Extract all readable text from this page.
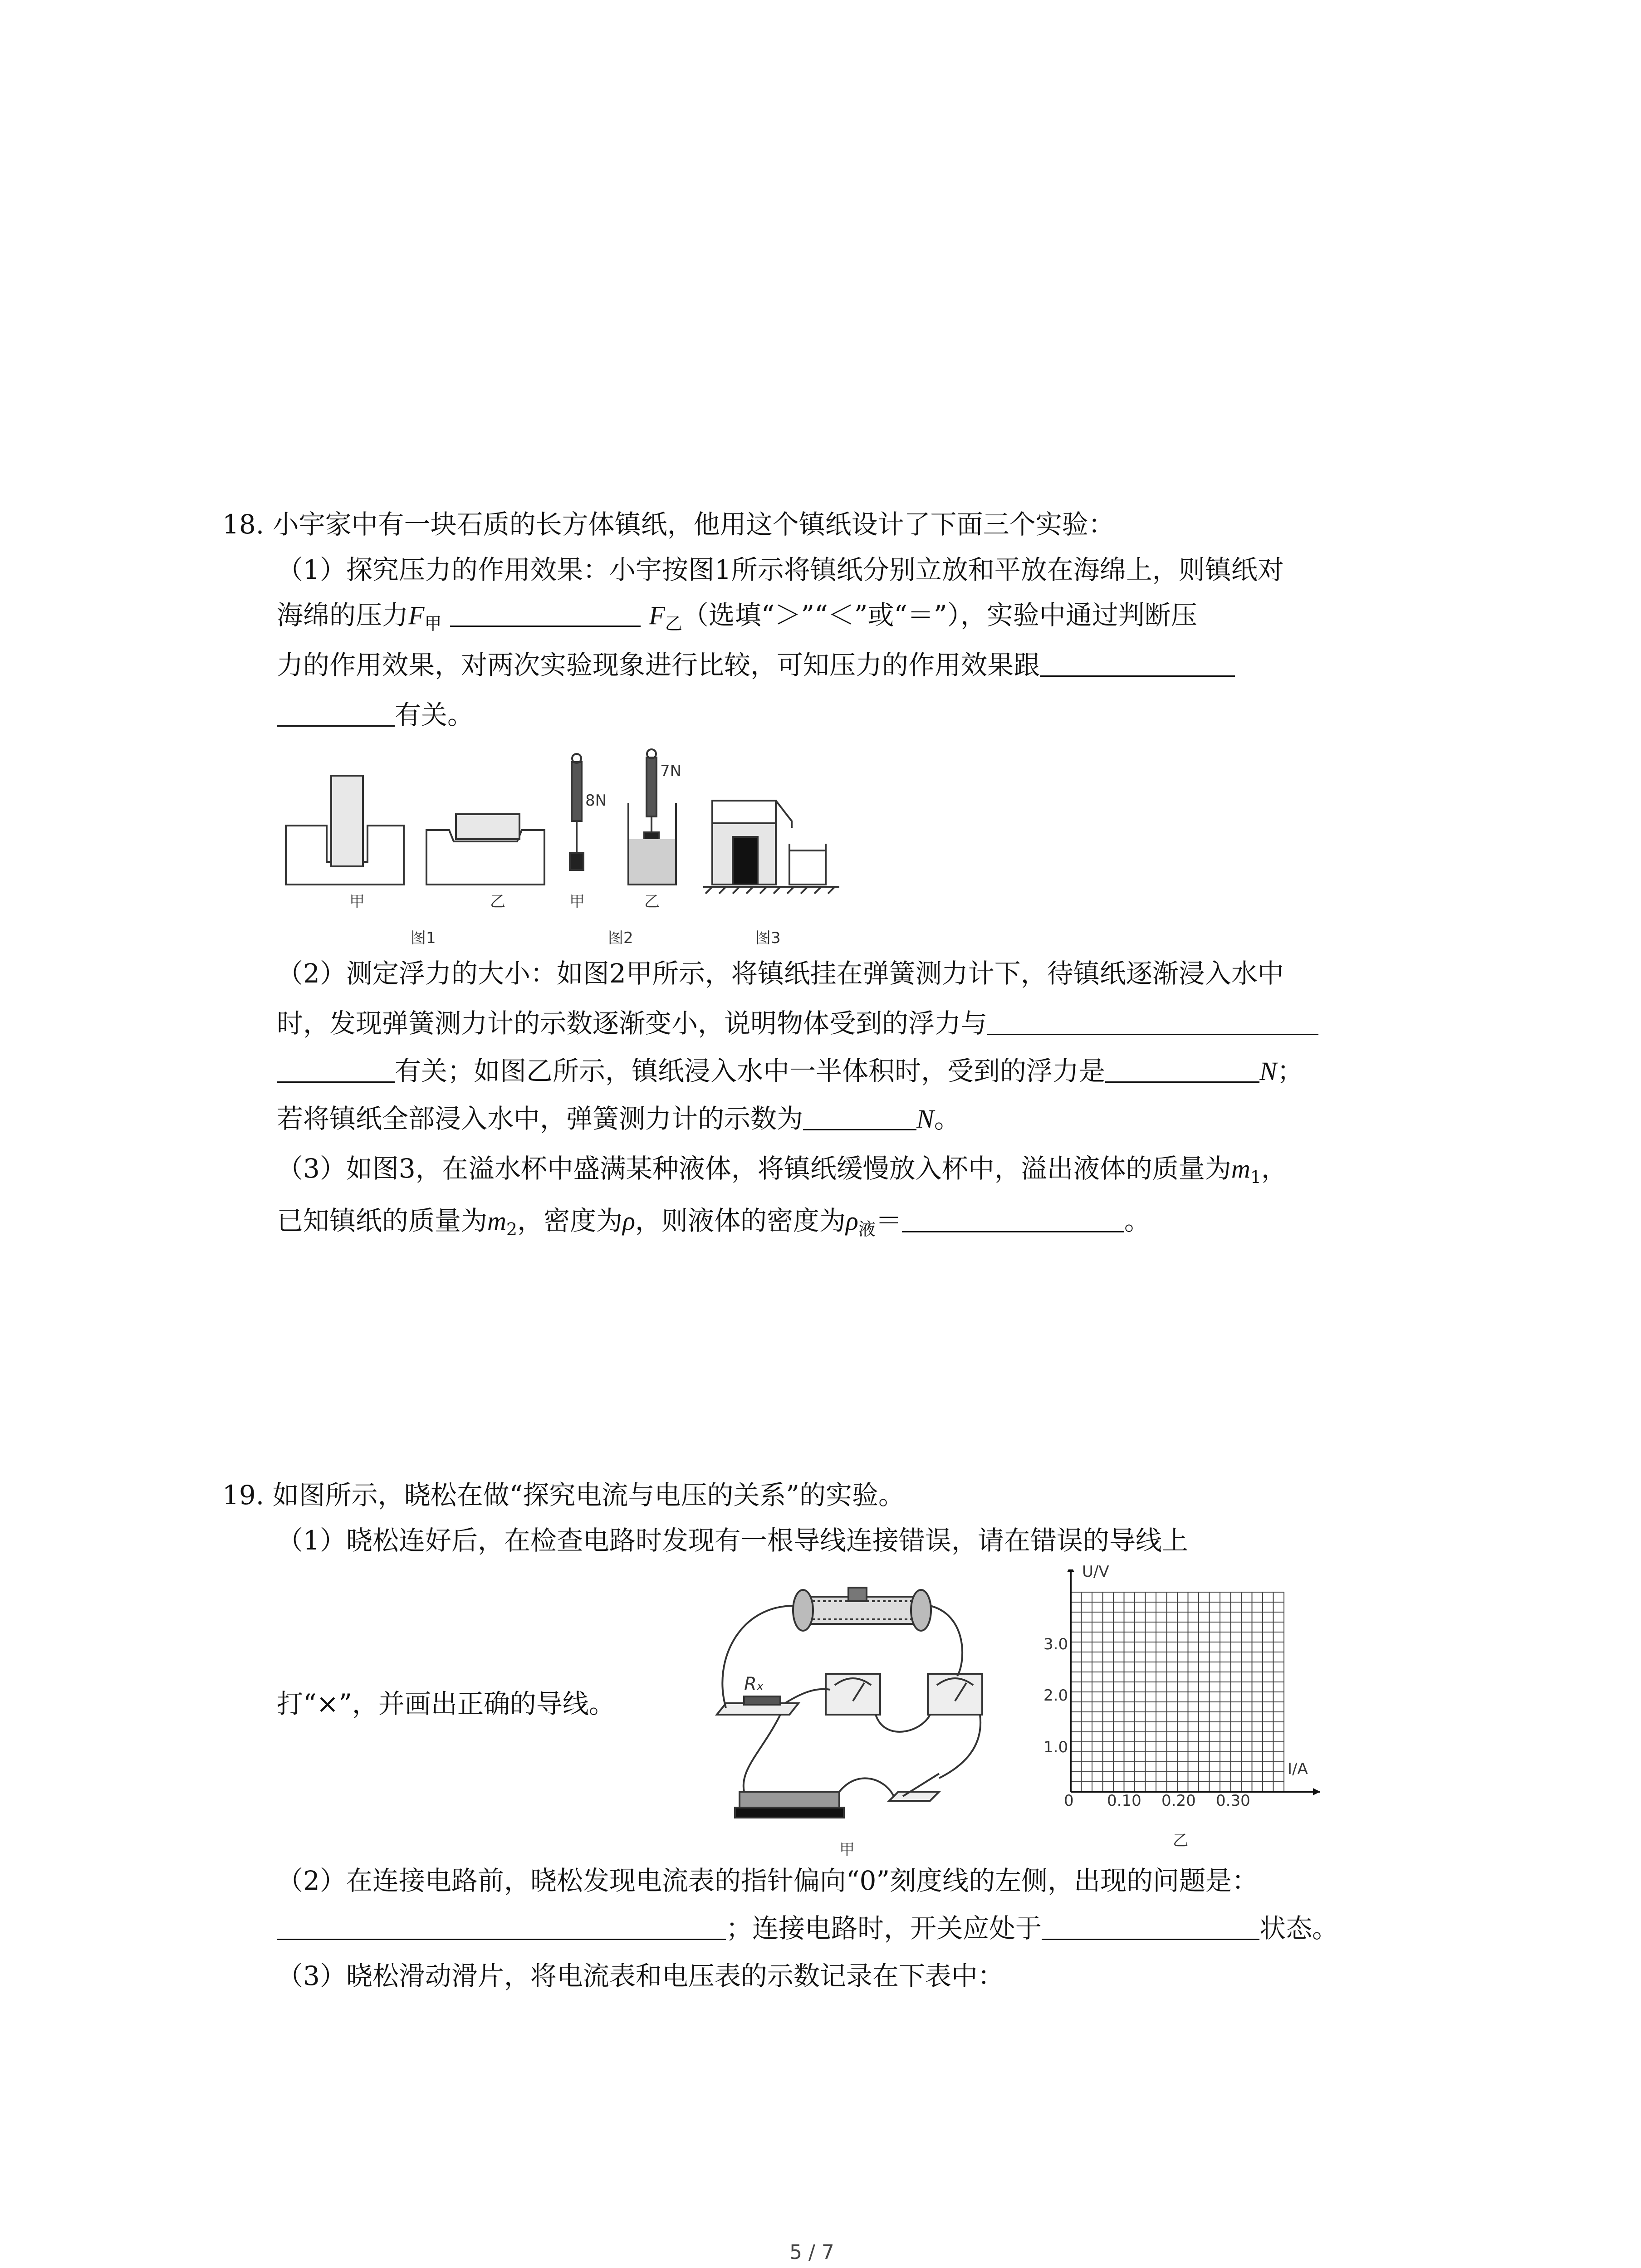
18. 小宇家中有一块石质的长方体镇纸，他用这个镇纸设计了下面三个实验：
（1）探究压力的作用效果：小宇按图1所示将镇纸分别立放和平放在海绵上，则镇纸对
海绵的压力$F_甲$	$F_乙$（选填“＞”“＜”或“＝”），实验中通过判断压
力的作用效果，对两次实验现象进行比较，可知压力的作用效果跟
有关。
甲	乙	甲	乙
8N
7N
图1	图2	图3
（2）测定浮力的大小：如图2甲所示，将镇纸挂在弹簧测力计下，待镇纸逐渐浸入水中
时，发现弹簧测力计的示数逐渐变小，说明物体受到的浮力与
有关；如图乙所示，镇纸浸入水中一半体积时，受到的浮力是	N；
若将镇纸全部浸入水中，弹簧测力计的示数为	N。
（3）如图3，在溢水杯中盛满某种液体，将镇纸缓慢放入杯中，溢出液体的质量为$m_1$，
已知镇纸的质量为$m_2$，密度为ρ，则液体的密度为$\rho_液=$	。
19. 如图所示，晓松在做“探究电流与电压的关系”的实验。
（1）晓松连好后，在检查电路时发现有一根导线连接错误，请在错误的导线上
打“×”，并画出正确的导线。
Rx
甲
U/V
I/A
3.0
2.0
1.0
0 0.10 0.20 0.30
乙
（2）在连接电路前，晓松发现电流表的指针偏向“0”刻度线的左侧，出现的问题是：
；连接电路时，开关应处于	状态。
（3）晓松滑动滑片，将电流表和电压表的示数记录在下表中：
5 / 7
